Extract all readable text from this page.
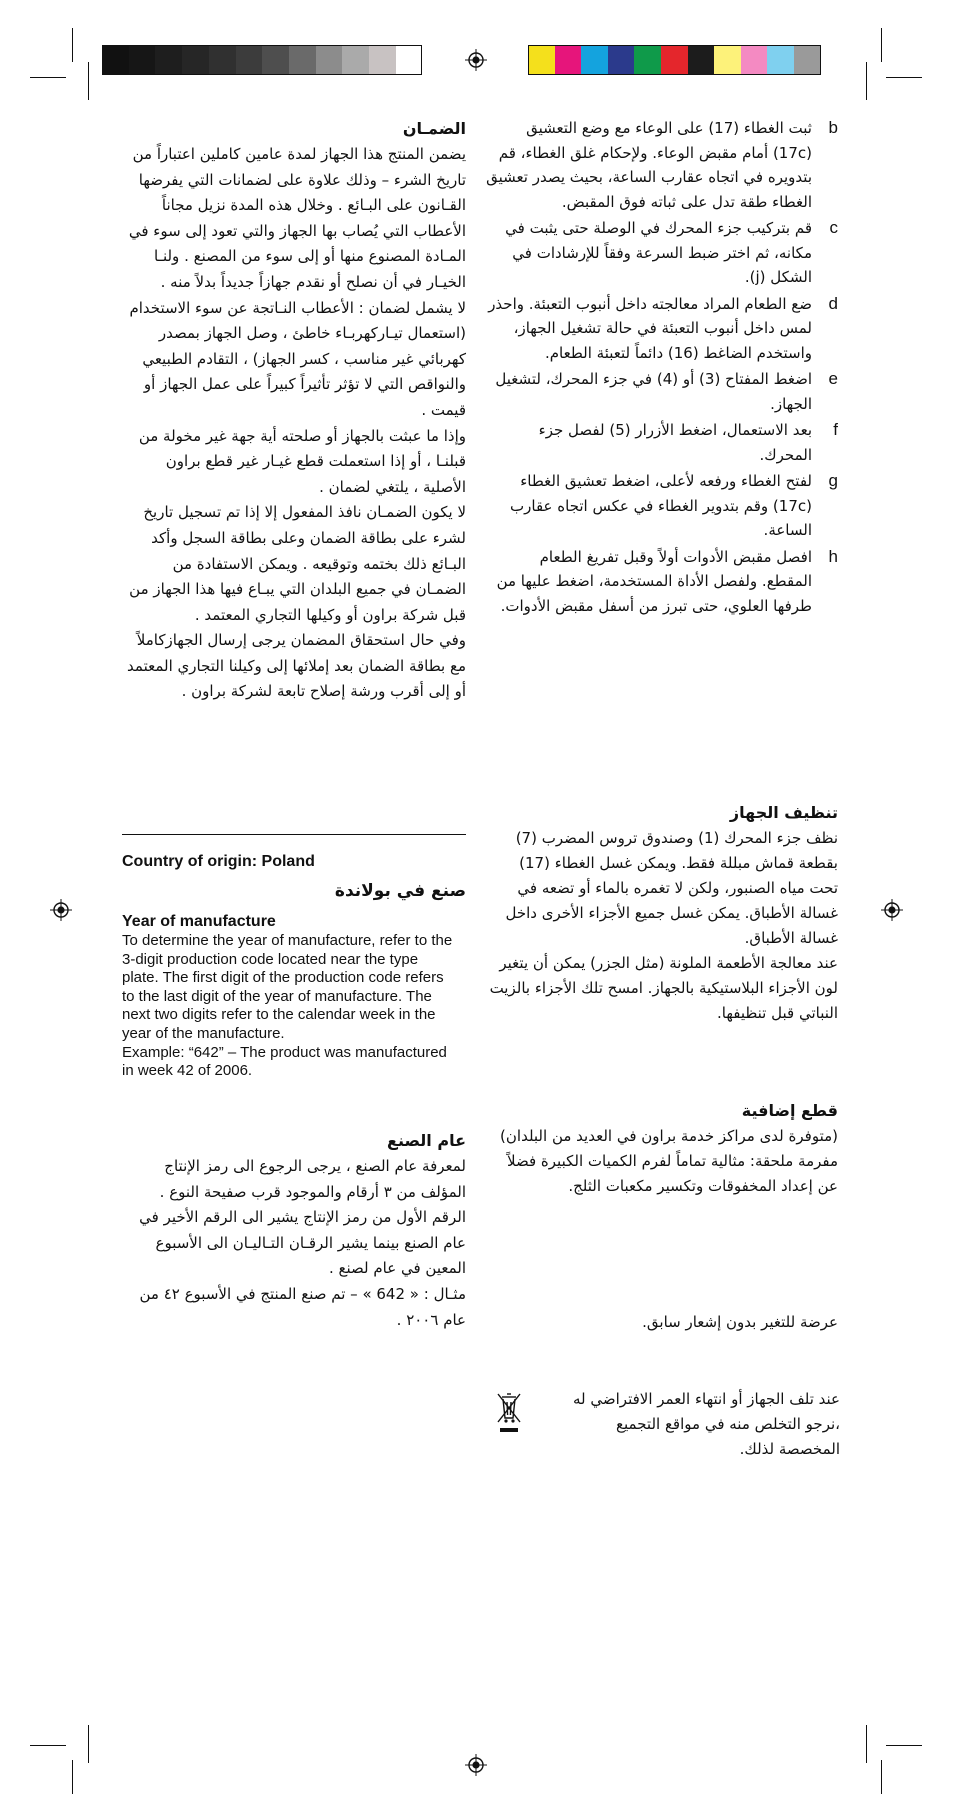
b
ثبت الغطاء (17) على الوعاء مع وضع التعشيق (17c) أمام مقبض الوعاء. ولإحكام غلق الغطاء، قم بتدويره في اتجاه عقارب الساعة، بحيث يصدر تعشيق الغطاء طقة تدل على ثباته فوق المقبض.
c
قم بتركيب جزء المحرك في الوصلة حتى يثبت في مكانه، ثم اختر ضبط السرعة وفقاً للإرشادات في الشكل (j).
d
ضع الطعام المراد معالجته داخل أنبوب التعبئة. واحذر لمس داخل أنبوب التعبئة في حالة تشغيل الجهاز، واستخدم الضاغط (16) دائماً لتعبئة الطعام.
e
اضغط المفتاح (3) أو (4) في جزء المحرك، لتشغيل الجهاز.
f
بعد الاستعمال، اضغط الأزرار (5) لفصل جزء المحرك.
g
لفتح الغطاء ورفعه لأعلى، اضغط تعشيق الغطاء (17c) وقم بتدوير الغطاء في عكس اتجاه عقارب الساعة.
h
افصل مقبض الأدوات أولاً وقبل تفريغ الطعام المقطع. ولفصل الأداة المستخدمة، اضغط عليها من طرفها العلوي، حتى تبرز من أسفل مقبض الأدوات.
تنظيف الجهاز

نظف جزء المحرك (1) وصندوق تروس المضرب (7) بقطعة قماش مبللة فقط. ويمكن غسل الغطاء (17) تحت مياه الصنبور، ولكن لا تغمره بالماء أو تضعه في غسالة الأطباق. يمكن غسل جميع الأجزاء الأخرى داخل غسالة الأطباق.

عند معالجة الأطعمة الملونة (مثل الجزر) يمكن أن يتغير لون الأجزاء البلاستيكية بالجهاز. امسح تلك الأجزاء بالزيت النباتي قبل تنظيفها.

قطع إضافية

(متوفرة لدى مراكز خدمة براون في العديد من البلدان)

مفرمة ملحقة: مثالية تماماً لفرم الكميات الكبيرة فضلاً عن إعداد المخفوقات وتكسير مكعبات الثلج.

عرضة للتغير بدون إشعار سابق.

عند تلف الجهاز أو انتهاء العمر الافتراضي له ،نرجو التخلص منه في مواقع التجميع المخصصة لذلك.

الضمـان

يضمن المنتج هذا الجهاز لمدة عامين كاملين اعتباراً من تاريخ الشرء – وذلك علاوة على لضمانات التي يفرضها القـانون على البـائع . وخلال هذه المدة نزيل مجاناً الأعطاب التي يُصاب بها الجهاز والتي تعود إلى سوء في المـادة المصنوع منها أو إلى سوء من المصنع . ولنـا الخيـار في أن نصلح أو نقدم جهازاً جديداً بدلاً منه .

لا يشمل لضمان : الأعطاب النـاتجة عن سوء الاستخدام (استعمال تيـاركهربـاء خاطئ ، وصل الجهاز بمصدر كهربائي غير مناسب ، كسر الجهاز) ، التقادم الطبيعي والنواقص التي لا تؤثر تأثيراً كبيراً على عمل الجهاز أو قيمت .

وإذا ما عبثت بالجهاز أو صلحته أية جهة غير مخولة من قبلنـا ، أو إذا استعملت قطع غيـار غير قطع براون الأصلية ، يلتغي لضمان .

لا يكون الضمـان نافذ المفعول إلا إذا تم تسجيل تاريخ لشرء على بطاقة الضمان وعلى بطاقة السجل وأكد البـائع ذلك بختمه وتوقيعه . ويمكن الاستفادة من الضمـان في جميع البلدان التي يبـاع فيها هذا الجهاز من قبل شركة براون أو وكيلها التجاري المعتمد .

وفي حال استحقاق المضمان يرجى إرسال الجهازكاملاً مع بطاقة الضمان بعد إملائها إلى وكيلنا التجاري المعتمد أو إلى أقرب ورشة إصلاح تابعة لشركة براون .

Country of origin: Poland
صنع في بولاندة
Year of manufacture

To determine the year of manufacture, refer to the 3-digit production code located near the type plate. The first digit of the production code refers to the last digit of the year of manufacture. The next two digits refer to the calendar week in the year of the manufacture.

Example: “642” – The product was manufactured in week 42 of 2006.

عام الصنع

لمعرفة عام الصنع ، يرجى الرجوع الى رمز الإنتاج المؤلف من ٣ أرقام والموجود قرب صفيحة النوع . الرقم الأول من رمز الإنتاج يشير الى الرقم الأخير في عام الصنع بينما يشير الرقـان التـاليـان الى الأسبوع المعين في عام لصنع .

مثـال : « 642 » – تم صنع المنتج في الأسبوع ٤٢ من عام ٢٠٠٦ .
